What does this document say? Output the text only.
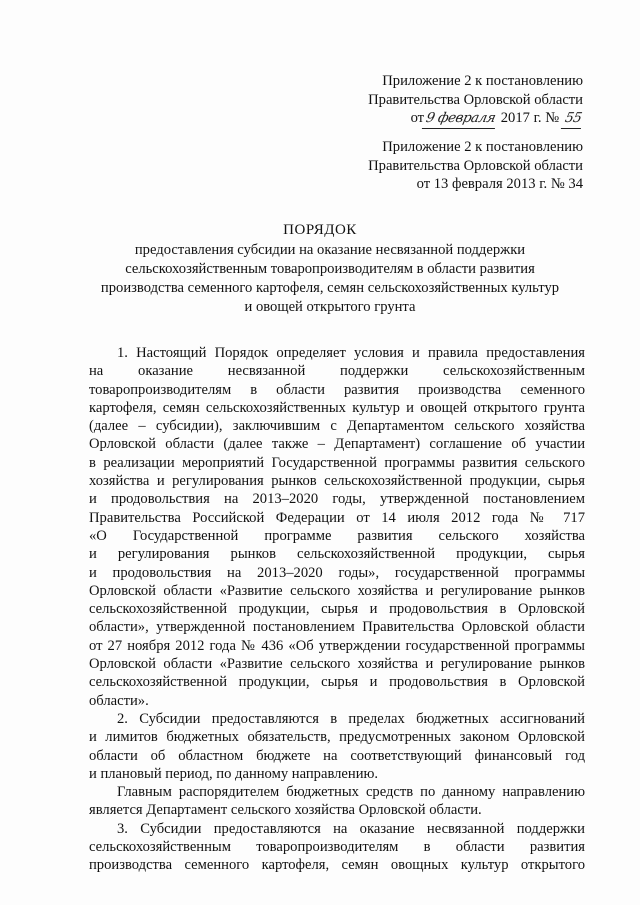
Приложение 2 к постановлению
Правительства Орловской области
от9 февраля 2017 г. № 55
Приложение 2 к постановлению
Правительства Орловской области
от 13 февраля 2013 г. № 34
ПОРЯДОК
предоставления субсидии на оказание несвязанной поддержки
сельскохозяйственным товаропроизводителям в области развития
производства семенного картофеля, семян сельскохозяйственных культур
и овощей открытого грунта
1. Настоящий Порядок определяет условия и правила предоставления
на оказание несвязанной поддержки сельскохозяйственным
товаропроизводителям в области развития производства семенного
картофеля, семян сельскохозяйственных культур и овощей открытого грунта
(далее – субсидии), заключившим с Департаментом сельского хозяйства
Орловской области (далее также – Департамент) соглашение об участии
в реализации мероприятий Государственной программы развития сельского
хозяйства и регулирования рынков сельскохозяйственной продукции, сырья
и продовольствия на 2013–2020 годы, утвержденной постановлением
Правительства Российской Федерации от 14 июля 2012 года № 717
«О Государственной программе развития сельского хозяйства
и регулирования рынков сельскохозяйственной продукции, сырья
и продовольствия на 2013–2020 годы», государственной программы
Орловской области «Развитие сельского хозяйства и регулирование рынков
сельскохозяйственной продукции, сырья и продовольствия в Орловской
области», утвержденной постановлением Правительства Орловской области
от 27 ноября 2012 года № 436 «Об утверждении государственной программы
Орловской области «Развитие сельского хозяйства и регулирование рынков
сельскохозяйственной продукции, сырья и продовольствия в Орловской
области».
2. Субсидии предоставляются в пределах бюджетных ассигнований
и лимитов бюджетных обязательств, предусмотренных законом Орловской
области об областном бюджете на соответствующий финансовый год
и плановый период, по данному направлению.
Главным распорядителем бюджетных средств по данному направлению
является Департамент сельского хозяйства Орловской области.
3. Субсидии предоставляются на оказание несвязанной поддержки
сельскохозяйственным товаропроизводителям в области развития
производства семенного картофеля, семян овощных культур открытого
